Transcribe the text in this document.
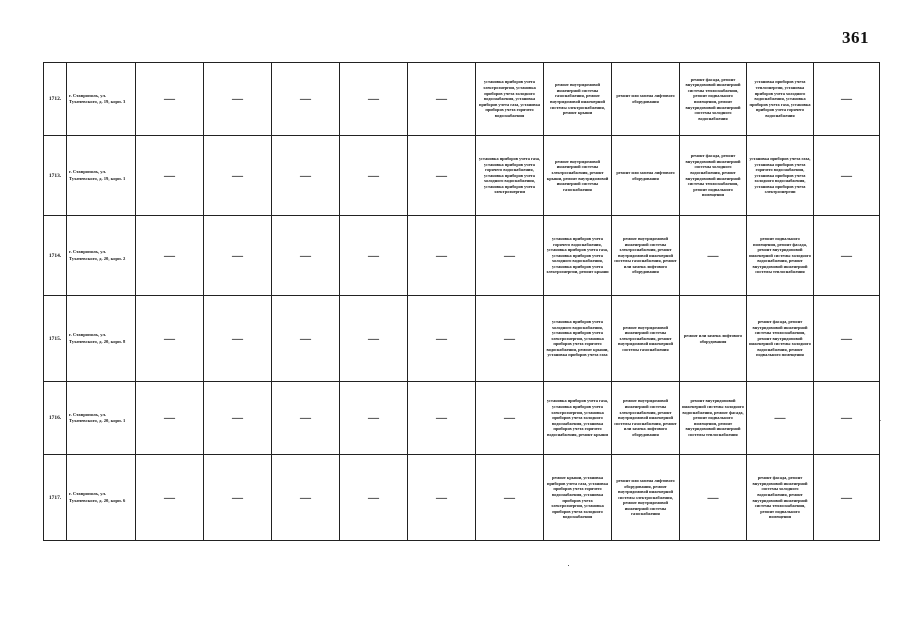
361
1712.	г. Ставрополь, ул. Тухачевского, д. 19, корп. 3	—	—	—	—	—	установка приборов учета электроэнергии, установка приборов учета холодного водоснабжения, установка приборов учета газа, установка приборов учета горячего водоснабжения	ремонт внутридомовой инженерной системы газоснабжения, ремонт внутридомовой инженерной системы электроснабжения, ремонт крыши	ремонт или замена лифтового оборудования	ремонт фасада, ремонт внутридомовой инженерной системы теплоснабжения, ремонт подвального помещения, ремонт внутридомовой инженерной системы холодного водоснабжения	установка приборов учета теплоэнергии, установка приборов учета холодного водоснабжения, установка приборов учета газа, установка приборов учета горячего водоснабжения	—
1713.	г. Ставрополь, ул. Тухачевского, д. 19, корп. 1	—	—	—	—	—	установка приборов учета газа, установка приборов учета горячего водоснабжения, установка приборов учета холодного водоснабжения, установка приборов учета электроэнергии	ремонт внутридомовой инженерной системы электроснабжения, ремонт крыши, ремонт внутридомовой инженерной системы газоснабжения	ремонт или замена лифтового оборудования	ремонт фасада, ремонт внутридомовой инженерной системы холодного водоснабжения, ремонт внутридомовой инженерной системы теплоснабжения, ремонт подвального помещения	установка приборов учета газа, установка приборов учета горячего водоснабжения, установка приборов учета холодного водоснабжения, установка приборов учета электроэнергии	—
1714.	г. Ставрополь, ул. Тухачевского, д. 20, корп. 2	—	—	—	—	—	—	установка приборов учета горячего водоснабжения, установка приборов учета газа, установка приборов учета холодного водоснабжения, установка приборов учета электроэнергии, ремонт крыши	ремонт внутридомовой инженерной системы электроснабжения, ремонт внутридомовой инженерной системы газоснабжения, ремонт или замена лифтового оборудования	—	ремонт подвального помещения, ремонт фасада, ремонт внутридомовой инженерной системы холодного водоснабжения, ремонт внутридомовой инженерной системы теплоснабжения	—
1715.	г. Ставрополь, ул. Тухачевского, д. 20, корп. 8	—	—	—	—	—	—	установка приборов учета холодного водоснабжения, установка приборов учета электроэнергии, установка приборов учета горячего водоснабжения, ремонт крыши, установка приборов учета газа	ремонт внутридомовой инженерной системы электроснабжения, ремонт внутридомовой инженерной системы газоснабжения	ремонт или замена лифтового оборудования	ремонт фасада, ремонт внутридомовой инженерной системы теплоснабжения, ремонт внутридомовой инженерной системы холодного водоснабжения, ремонт подвального помещения	—
1716.	г. Ставрополь, ул. Тухачевского, д. 20, корп. 1	—	—	—	—	—	—	установка приборов учета газа, установка приборов учета электроэнергии, установка приборов учета холодного водоснабжения, установка приборов учета горячего водоснабжения, ремонт крыши	ремонт внутридомовой инженерной системы электроснабжения, ремонт внутридомовой инженерной системы газоснабжения, ремонт или замена лифтового оборудования	ремонт внутридомовой инженерной системы холодного водоснабжения, ремонт фасада, ремонт подвального помещения, ремонт внутридомовой инженерной системы теплоснабжения	—	—
1717.	г. Ставрополь, ул. Тухачевского, д. 20, корп. 6	—	—	—	—	—	—	ремонт крыши, установка приборов учета газа, установка приборов учета горячего водоснабжения, установка приборов учета электроэнергии, установка приборов учета холодного водоснабжения	ремонт или замена лифтового оборудования, ремонт внутридомовой инженерной системы электроснабжения, ремонт внутридомовой инженерной системы газоснабжения	—	ремонт фасада, ремонт внутридомовой инженерной системы холодного водоснабжения, ремонт внутридомовой инженерной системы теплоснабжения, ремонт подвального помещения	—
